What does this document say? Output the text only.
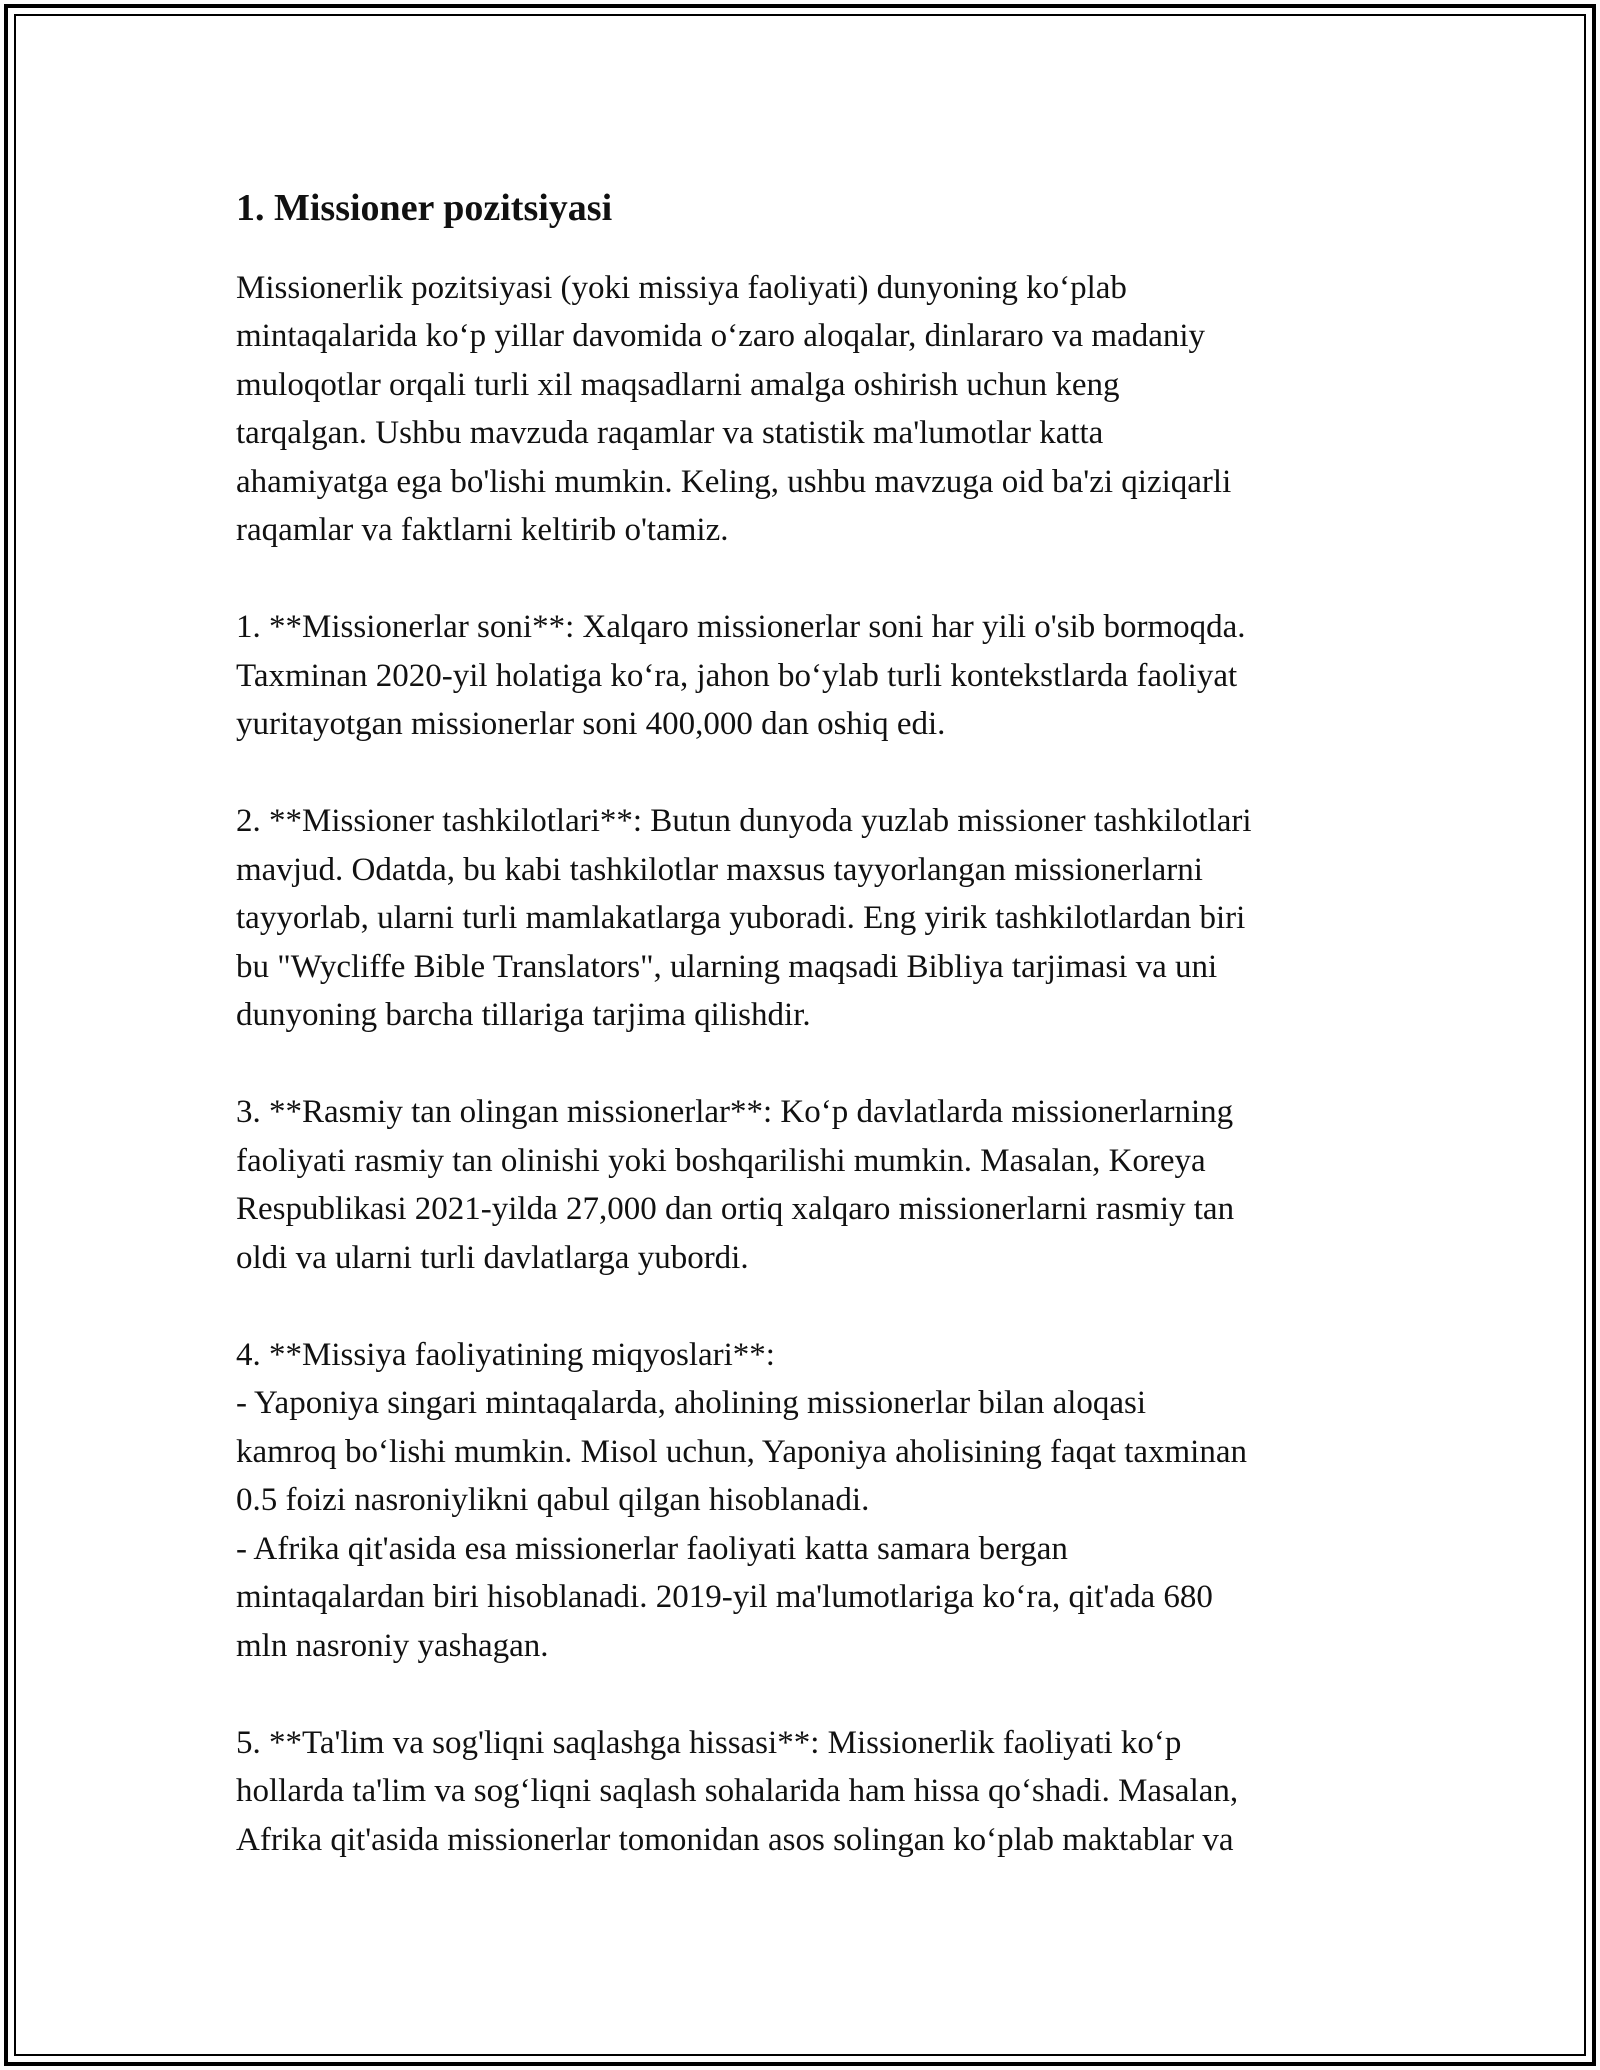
1. Missioner pozitsiyasi

Missionerlik pozitsiyasi (yoki missiya faoliyati) dunyoning ko‘plab
mintaqalarida ko‘p yillar davomida o‘zaro aloqalar, dinlararo va madaniy
muloqotlar orqali turli xil maqsadlarni amalga oshirish uchun keng
tarqalgan. Ushbu mavzuda raqamlar va statistik ma'lumotlar katta
ahamiyatga ega bo'lishi mumkin. Keling, ushbu mavzuga oid ba'zi qiziqarli
raqamlar va faktlarni keltirib o'tamiz.

1. **Missionerlar soni**: Xalqaro missionerlar soni har yili o'sib bormoqda.
Taxminan 2020-yil holatiga ko‘ra, jahon bo‘ylab turli kontekstlarda faoliyat
yuritayotgan missionerlar soni 400,000 dan oshiq edi.

2. **Missioner tashkilotlari**: Butun dunyoda yuzlab missioner tashkilotlari
mavjud. Odatda, bu kabi tashkilotlar maxsus tayyorlangan missionerlarni
tayyorlab, ularni turli mamlakatlarga yuboradi. Eng yirik tashkilotlardan biri
bu "Wycliffe Bible Translators", ularning maqsadi Bibliya tarjimasi va uni
dunyoning barcha tillariga tarjima qilishdir.

3. **Rasmiy tan olingan missionerlar**: Ko‘p davlatlarda missionerlarning
faoliyati rasmiy tan olinishi yoki boshqarilishi mumkin. Masalan, Koreya
Respublikasi 2021-yilda 27,000 dan ortiq xalqaro missionerlarni rasmiy tan
oldi va ularni turli davlatlarga yubordi.

4. **Missiya faoliyatining miqyoslari**:
- Yaponiya singari mintaqalarda, aholining missionerlar bilan aloqasi
kamroq bo‘lishi mumkin. Misol uchun, Yaponiya aholisining faqat taxminan
0.5 foizi nasroniylikni qabul qilgan hisoblanadi.
- Afrika qit'asida esa missionerlar faoliyati katta samara bergan
mintaqalardan biri hisoblanadi. 2019-yil ma'lumotlariga ko‘ra, qit'ada 680
mln nasroniy yashagan.

5. **Ta'lim va sog'liqni saqlashga hissasi**: Missionerlik faoliyati ko‘p
hollarda ta'lim va sog‘liqni saqlash sohalarida ham hissa qo‘shadi. Masalan,
Afrika qit'asida missionerlar tomonidan asos solingan ko‘plab maktablar va
